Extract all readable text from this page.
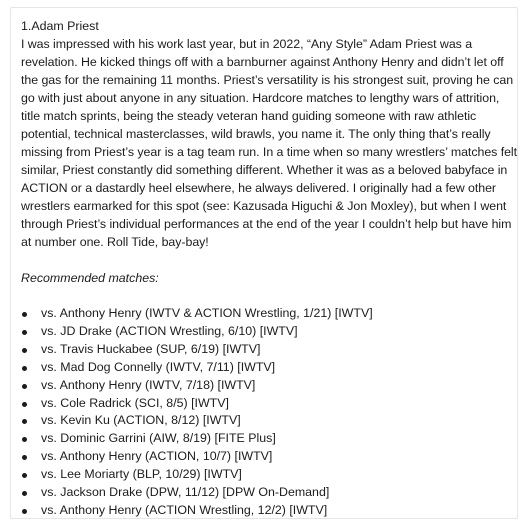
1.Adam Priest

I was impressed with his work last year, but in 2022, “Any Style” Adam Priest was a revelation. He kicked things off with a barnburner against Anthony Henry and didn’t let off the gas for the remaining 11 months. Priest’s versatility is his strongest suit, proving he can go with just about anyone in any situation. Hardcore matches to lengthy wars of attrition, title match sprints, being the steady veteran hand guiding someone with raw athletic potential, technical masterclasses, wild brawls, you name it. The only thing that’s really missing from Priest’s year is a tag team run. In a time when so many wrestlers’ matches felt similar, Priest constantly did something different. Whether it was as a beloved babyface in ACTION or a dastardly heel elsewhere, he always delivered. I originally had a few other wrestlers earmarked for this spot (see: Kazusada Higuchi & Jon Moxley), but when I went through Priest’s individual performances at the end of the year I couldn’t help but have him at number one. Roll Tide, bay-bay!

Recommended matches:

vs. Anthony Henry (IWTV & ACTION Wrestling, 1/21) [IWTV]
vs. JD Drake (ACTION Wrestling, 6/10) [IWTV]
vs. Travis Huckabee (SUP, 6/19) [IWTV]
vs. Mad Dog Connelly (IWTV, 7/11) [IWTV]
vs. Anthony Henry (IWTV, 7/18) [IWTV]
vs. Cole Radrick (SCI, 8/5) [IWTV]
vs. Kevin Ku (ACTION, 8/12) [IWTV]
vs. Dominic Garrini (AIW, 8/19) [FITE Plus]
vs. Anthony Henry (ACTION, 10/7) [IWTV]
vs. Lee Moriarty (BLP, 10/29) [IWTV]
vs. Jackson Drake (DPW, 11/12) [DPW On-Demand]
vs. Anthony Henry (ACTION Wrestling, 12/2) [IWTV]
